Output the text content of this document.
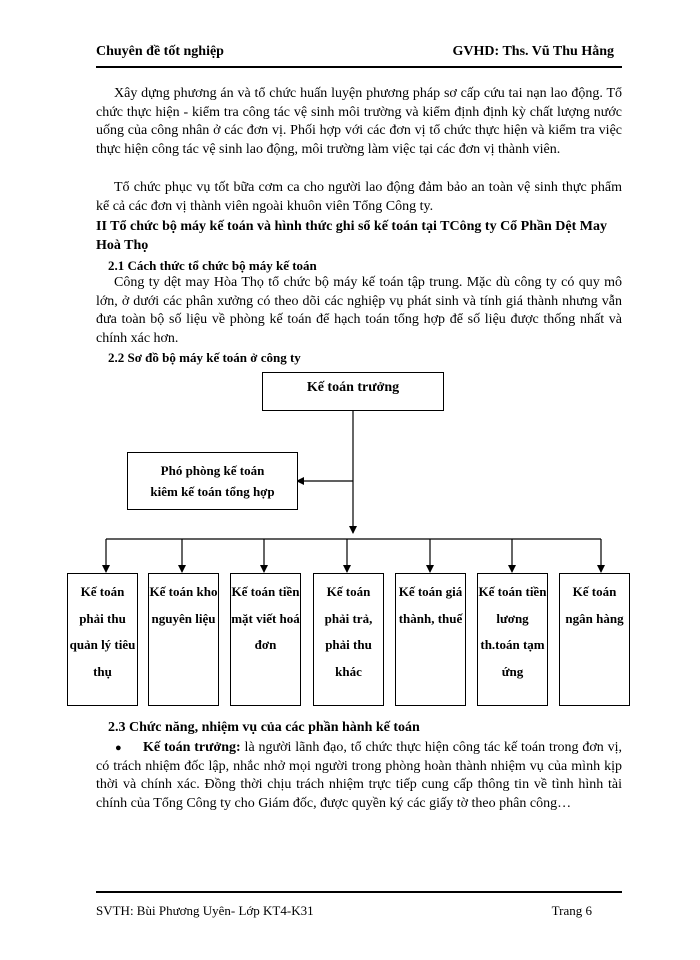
Chuyên đề tốt nghiệp	GVHD: Ths. Vũ Thu Hằng
Xây dựng phương án và tổ chức huấn luyện phương pháp sơ cấp cứu tai nạn lao động. Tổ chức thực hiện - kiểm tra công tác vệ sinh môi trường và kiểm định định kỳ chất lượng nước uống của công nhân ở các đơn vị. Phối hợp với các đơn vị tổ chức thực hiện và kiểm tra việc thực hiện công tác vệ sinh lao động, môi trường làm việc tại các đơn vị thành viên.
Tổ chức phục vụ tốt bữa cơm ca cho người lao động đảm bảo an toàn vệ sinh thực phẩm kể cả các đơn vị thành viên ngoài khuôn viên Tổng Công ty.
II Tổ chức bộ máy kế toán và hình thức ghi sổ kế toán tại TCông ty Cổ Phần Dệt May Hoà Thọ
2.1 Cách thức tổ chức bộ máy kế toán
Công ty dệt may Hòa Thọ tổ chức bộ máy kế toán tập trung. Mặc dù công ty có quy mô lớn, ở dưới các phân xưởng có theo dõi các nghiệp vụ phát sinh và tính giá thành nhưng vẫn đưa toàn bộ số liệu về phòng kế toán để hạch toán tổng hợp để số liệu được thống nhất và chính xác hơn.
2.2 Sơ đồ bộ máy kế toán ở công ty
Kế toán trưởng
Phó phòng kế toán
kiêm kế toán tổng hợp
Kế toán phải thu quản lý tiêu thụ
Kế toán kho nguyên liệu
Kế toán tiền mặt viết hoá đơn
Kế toán phải trả, phải thu khác
Kế toán giá thành, thuế
Kế toán tiền lương th.toán tạm ứng
Kế toán ngân hàng
2.3 Chức năng, nhiệm vụ của các phần hành kế toán
●	Kế toán trưởng: là người lãnh đạo, tổ chức thực hiện công tác kế toán trong đơn vị, có trách nhiệm đốc lập, nhắc nhở mọi người trong phòng hoàn thành nhiệm vụ của mình kịp thời và chính xác. Đồng thời chịu trách nhiệm trực tiếp cung cấp thông tin về tình hình tài chính của Tổng Công ty cho Giám đốc, được quyền ký các giấy tờ theo phân công…
SVTH: Bùi Phương Uyên- Lớp KT4-K31	Trang 6
